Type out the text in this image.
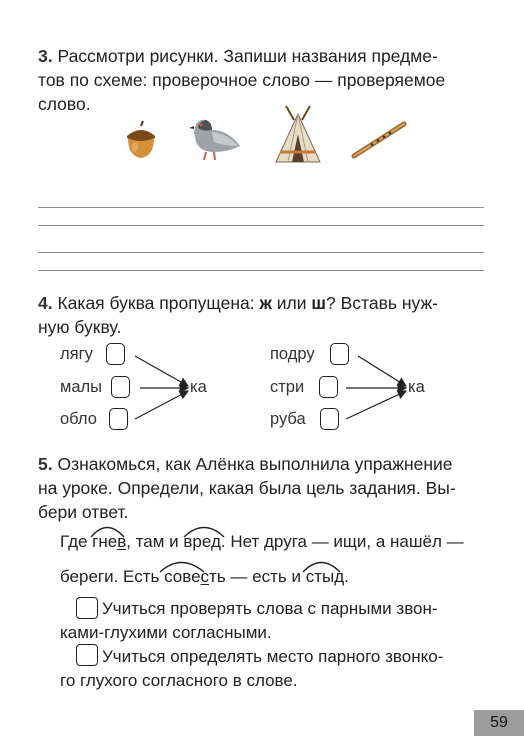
3. Рассмотри рисунки. Запиши названия предме-
тов по схеме: проверочное слово — проверяемое
слово.
4. Какая буква пропущена: ж или ш? Вставь нуж-
ную букву.
лягу
малы
обло
ка
подру
стри
руба
ка
5. Ознакомься, как Алёнка выполнила упражнение
на уроке. Определи, какая была цель задания. Вы-
бери ответ.
Где гнев, там и вред. Нет друга — ищи, а нашёл —
береги. Есть совесть — есть и стыд.
Учиться проверять слова с парными звон-
ками-глухими согласными.
Учиться определять место парного звонко-
го глухого согласного в слове.
59
